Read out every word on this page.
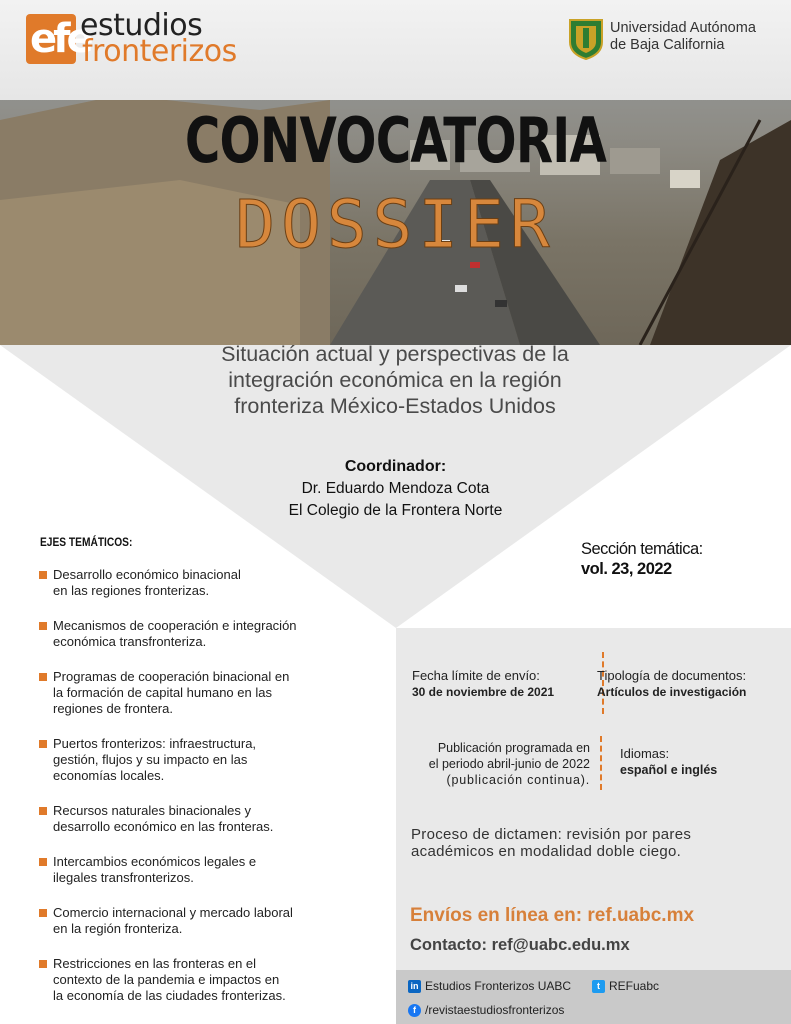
efe
estudios
fronterizos
Universidad Autónoma
de Baja California
CONVOCATORIA
DOSSIER
Situación actual y perspectivas de la
integración económica en la región
fronteriza México-Estados Unidos
Coordinador:
Dr. Eduardo Mendoza Cota
El Colegio de la Frontera Norte
EJES TEMÁTICOS:
Desarrollo económico binacional
en las regiones fronterizas.
Mecanismos de cooperación e integración
económica transfronteriza.
Programas de cooperación binacional en
la formación de capital humano en las
regiones de frontera.
Puertos fronterizos: infraestructura,
gestión, flujos y su impacto en las
economías locales.
Recursos naturales binacionales y
desarrollo económico en las fronteras.
Intercambios económicos legales e
ilegales transfronterizos.
Comercio internacional y mercado laboral
en la región fronteriza.
Restricciones en las fronteras en el
contexto de la pandemia e impactos en
la economía de las ciudades fronterizas.
Sección temática:
vol. 23, 2022
Fecha límite de envío:
30 de noviembre de 2021
Tipología de documentos:
Artículos de investigación
Publicación programada en
el periodo abril-junio de 2022
(publicación continua).
Idiomas:
español e inglés
Proceso de dictamen: revisión por pares
académicos en modalidad doble ciego.
Envíos en línea en: ref.uabc.mx
Contacto: ref@uabc.edu.mx
in Estudios Fronterizos UABC	t REFuabc
f /revistaestudiosfronterizos
